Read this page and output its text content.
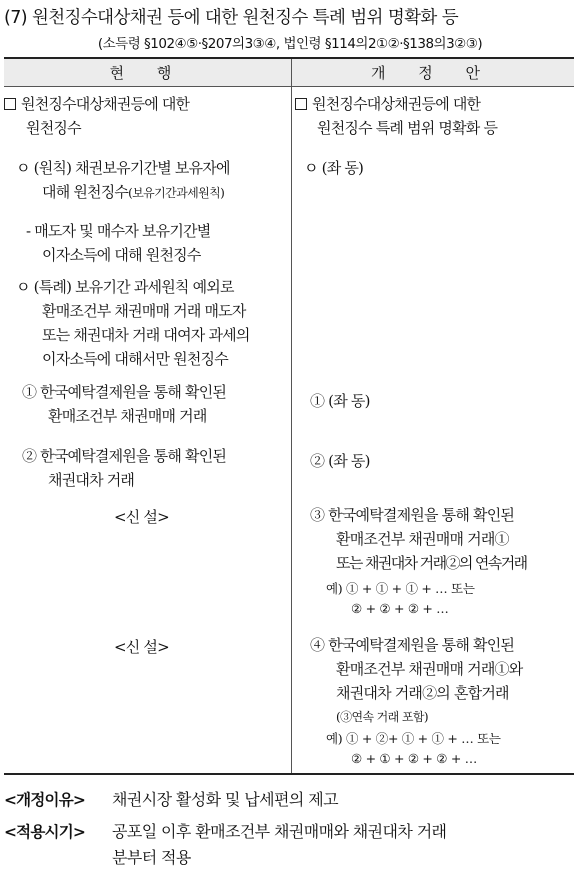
(7) 원천징수대상채권 등에 대한 원천징수 특례 범위 명확화 등
(소득령 §102④⑤·§207의3③④, 법인령 §114의2①②·§138의3②③)
현 행	개 정 안
원천징수대상채권등에 대한
원천징수
ㅇ (원칙) 채권보유기간별 보유자에
대해 원천징수(보유기간과세원칙)
- 매도자 및 매수자 보유기간별
이자소득에 대해 원천징수
ㅇ (특례) 보유기간 과세원칙 예외로
환매조건부 채권매매 거래 매도자
또는 채권대차 거래 대여자 과세의
이자소득에 대해서만 원천징수
① 한국예탁결제원을 통해 확인된
환매조건부 채권매매 거래
② 한국예탁결제원을 통해 확인된
채권대차 거래
<신 설>
<신 설>
원천징수대상채권등에 대한
원천징수 특례 범위 명확화 등
ㅇ (좌 동)
① (좌 동)
② (좌 동)
③ 한국예탁결제원을 통해 확인된
환매조건부 채권매매 거래①
또는 채권대차 거래②의 연속거래
예) ① + ① + ① + … 또는
② + ② + ② + …
④ 한국예탁결제원을 통해 확인된
환매조건부 채권매매 거래①와
채권대차 거래②의 혼합거래
(③연속 거래 포함)
예) ① + ②+ ① + ① + … 또는
② + ① + ② + ② + …
<개정이유> 채권시장 활성화 및 납세편의 제고
<적용시기> 공포일 이후 환매조건부 채권매매와 채권대차 거래
분부터 적용
